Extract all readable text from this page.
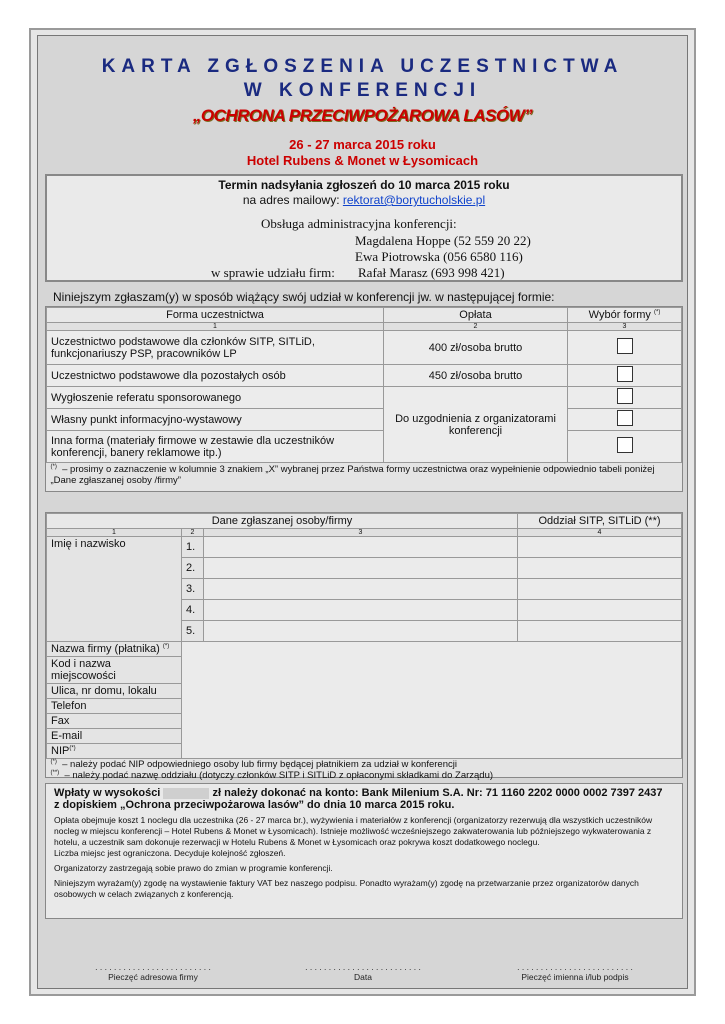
KARTA ZGŁOSZENIA UCZESTNICTWA
W KONFERENCJI
„OCHRONA PRZECIWPOŻAROWA LASÓW”
26 - 27 marca 2015 roku
Hotel Rubens & Monet w Łysomicach
Termin nadsyłania zgłoszeń do 10 marca 2015 roku
na adres mailowy: rektorat@borytucholskie.pl
Obsługa administracyjna konferencji:
Magdalena Hoppe (52 559 20 22)
Ewa Piotrowska (056 6580 116)
w sprawie udziału firm: Rafał Marasz (693 998 421)
Niniejszym zgłaszam(y) w sposób wiążący swój udział w konferencji jw. w następującej formie:
Forma uczestnictwa	Opłata	Wybór formy (*)
1	2	3
Uczestnictwo podstawowe dla członków SITP, SITLiD, funkcjonariuszy PSP, pracowników LP	400 zł/osoba brutto	
Uczestnictwo podstawowe dla pozostałych osób	450 zł/osoba brutto	
Wygłoszenie referatu sponsorowanego	Do uzgodnienia z organizatorami konferencji	
Własny punkt informacyjno-wystawowy		
Inna forma (materiały firmowe w zestawie dla uczestników konferencji, banery reklamowe itp.)		
(*) – prosimy o zaznaczenie w kolumnie 3 znakiem „X” wybranej przez Państwa formy uczestnictwa oraz wypełnienie odpowiednio tabeli poniżej „Dane zgłaszanej osoby /firmy”		
Dane zgłaszanej osoby/firmy			Oddział SITP, SITLiD (**)
1	2	3	4
Imię i nazwisko	1.		
	2.		
	3.		
	4.		
	5.		
Nazwa firmy (płatnika) (*)	
Kod i nazwa miejscowości			
Ulica, nr domu, lokalu			
Telefon			
Fax			
E-mail			
NIP(*)
(*) – należy podać NIP odpowiedniego osoby lub firmy będącej płatnikiem za udział w konferencji			
(**) – należy podać nazwę oddziału (dotyczy członków SITP i SITLiD z opłaconymi składkami do Zarządu)			
Wpłaty w wysokości	zł należy dokonać na konto: Bank Milenium S.A. Nr: 71 1160 2202 0000 0002 7397 2437
z dopiskiem „Ochrona przeciwpożarowa lasów” do dnia 10 marca 2015 roku.
Opłata obejmuje koszt 1 noclegu dla uczestnika (26 - 27 marca br.), wyżywienia i materiałów z konferencji (organizatorzy rezerwują dla wszystkich uczestników nocleg w miejscu konferencji – Hotel Rubens & Monet w Łysomicach). Istnieje możliwość wcześniejszego zakwaterowania lub późniejszego wykwaterowania z hotelu, a uczestnik sam dokonuje rezerwacji w Hotelu Rubens & Monet w Łysomicach oraz pokrywa koszt dodatkowego noclegu.
Liczba miejsc jest ograniczona. Decyduje kolejność zgłoszeń.
Organizatorzy zastrzegają sobie prawo do zmian w programie konferencji.
Niniejszym wyrażam(y) zgodę na wystawienie faktury VAT bez naszego podpisu. Ponadto wyrażam(y) zgodę na przetwarzanie przez organizatorów danych osobowych w celach związanych z konferencją.
. . . . . . . . . . . . . . . . . . . . . . . . .
Pieczęć adresowa firmy
. . . . . . . . . . . . . . . . . . . . . . . . .
Data
. . . . . . . . . . . . . . . . . . . . . . . . .
Pieczęć imienna i/lub podpis
